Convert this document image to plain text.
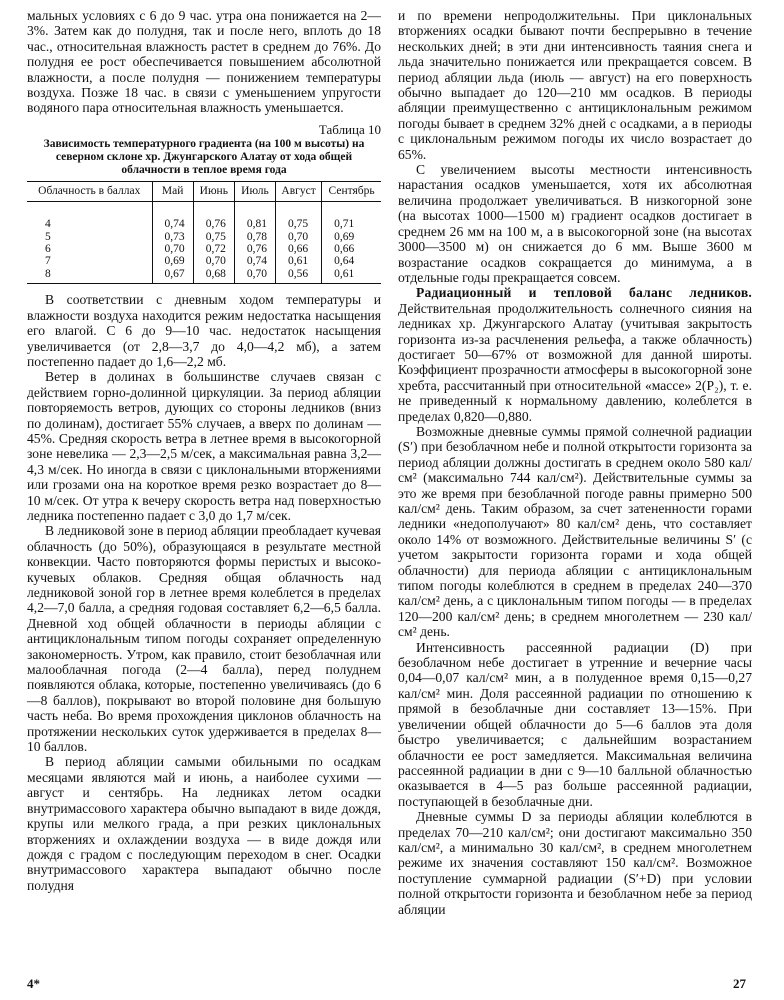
мальных условиях с 6 до 9 час. утра она понижается на 2—3%. Затем как до полудня, так и после него, вплоть до 18 час., относительная влажность растет в среднем до 76%. До полудня ее рост обеспечивается повышением абсолютной влажности, а после полудня — понижением температуры воздуха. Позже 18 час. в связи с уменьшением упругости водяного пара относительная влажность уменьшается.

Таблица 10
Зависимость температурного градиента (на 100 м высоты) на северном склоне хр. Джунгарского Алатау от хода общей облачности в теплое время года
Облачность в баллах	Май	Июнь	Июль	Август	Сентябрь
4	0,74	0,76	0,81	0,75	0,71
5	0,73	0,75	0,78	0,70	0,69
6	0,70	0,72	0,76	0,66	0,66
7	0,69	0,70	0,74	0,61	0,64
8	0,67	0,68	0,70	0,56	0,61

В соответствии с дневным ходом температуры и влажности воздуха находится режим недостатка насыщения его влагой. С 6 до 9—10 час. недостаток насыщения увеличивается (от 2,8—3,7 до 4,0—4,2 мб), а затем постепенно падает до 1,6—2,2 мб.

Ветер в долинах в большинстве случаев связан с действием горно-долинной циркуляции. За период абляции повторяемость ветров, дующих со стороны ледников (вниз по долинам), достигает 55% случаев, а вверх по долинам — 45%. Средняя скорость ветра в летнее время в высокогорной зоне невелика — 2,3—2,5 м/сек, а максимальная равна 3,2—4,3 м/сек. Но иногда в связи с циклональными вторжениями или грозами она на короткое время резко возрастает до 8—10 м/сек. От утра к вечеру скорость ветра над поверхностью ледника постепенно падает с 3,0 до 1,7 м/сек.

В ледниковой зоне в период абляции преобладает кучевая облачность (до 50%), образующаяся в результате местной конвекции. Часто повторяются формы перистых и высоко-кучевых облаков. Средняя общая облачность над ледниковой зоной гор в летнее время колеблется в пределах 4,2—7,0 балла, а средняя годовая составляет 6,2—6,5 балла. Дневной ход общей облачности в периоды абляции с антициклональным типом погоды сохраняет определенную закономерность. Утром, как правило, стоит безоблачная или малооблачная погода (2—4 балла), перед полуднем появляются облака, которые, постепенно увеличиваясь (до 6—8 баллов), покрывают во второй половине дня большую часть неба. Во время прохождения циклонов облачность на протяжении нескольких суток удерживается в пределах 8—10 баллов.

В период абляции самыми обильными по осадкам месяцами являются май и июнь, а наиболее сухими — август и сентябрь. На ледниках летом осадки внутримассового характера обычно выпадают в виде дождя, крупы или мелкого града, а при резких циклональных вторжениях и охлаждении воздуха — в виде дождя или дождя с градом с последующим переходом в снег. Осадки внутримассового характера выпадают обычно после полудня

и по времени непродолжительны. При циклональных вторжениях осадки бывают почти беспрерывно в течение нескольких дней; в эти дни интенсивность таяния снега и льда значительно понижается или прекращается совсем. В период абляции льда (июль — август) на его поверхность обычно выпадает до 120—210 мм осадков. В периоды абляции преимущественно с антициклональным режимом погоды бывает в среднем 32% дней с осадками, а в периоды с циклональным режимом погоды их число возрастает до 65%.

С увеличением высоты местности интенсивность нарастания осадков уменьшается, хотя их абсолютная величина продолжает увеличиваться. В низкогорной зоне (на высотах 1000—1500 м) градиент осадков достигает в среднем 26 мм на 100 м, а в высокогорной зоне (на высотах 3000—3500 м) он снижается до 6 мм. Выше 3600 м возрастание осадков сокращается до минимума, а в отдельные годы прекращается совсем.

Радиационный и тепловой баланс ледников. Действительная продолжительность солнечного сияния на ледниках хр. Джунгарского Алатау (учитывая закрытость горизонта из-за расчленения рельефа, а также облачность) достигает 50—67% от возможной для данной широты. Коэффициент прозрачности атмосферы в высокогорной зоне хребта, рассчитанный при относительной «массе» 2(P₂), т. е. не приведенный к нормальному давлению, колеблется в пределах 0,820—0,880.

Возможные дневные суммы прямой солнечной радиации (S′) при безоблачном небе и полной открытости горизонта за период абляции должны достигать в среднем около 580 кал/см² (максимально 744 кал/см²). Действительные суммы за это же время при безоблачной погоде равны примерно 500 кал/см² день. Таким образом, за счет затененности горами ледники «недополучают» 80 кал/см² день, что составляет около 14% от возможного. Действительные величины S′ (с учетом закрытости горизонта горами и хода общей облачности) для периода абляции с антициклональным типом погоды колеблются в среднем в пределах 240—370 кал/см² день, а с циклональным типом погоды — в пределах 120—200 кал/см² день; в среднем многолетнем — 230 кал/см² день.

Интенсивность рассеянной радиации (D) при безоблачном небе достигает в утренние и вечерние часы 0,04—0,07 кал/см² мин, а в полуденное время 0,15—0,27 кал/см² мин. Доля рассеянной радиации по отношению к прямой в безоблачные дни составляет 13—15%. При увеличении общей облачности до 5—6 баллов эта доля быстро увеличивается; с дальнейшим возрастанием облачности ее рост замедляется. Максимальная величина рассеянной радиации в дни с 9—10 балльной облачностью оказывается в 4—5 раз больше рассеянной радиации, поступающей в безоблачные дни.

Дневные суммы D за периоды абляции колеблются в пределах 70—210 кал/см²; они достигают максимально 350 кал/см², а минимально 30 кал/см², в среднем многолетнем режиме их значения составляют 150 кал/см². Возможное поступление суммарной радиации (S′+D) при условии полной открытости горизонта и безоблачном небе за период абляции

4*	27
